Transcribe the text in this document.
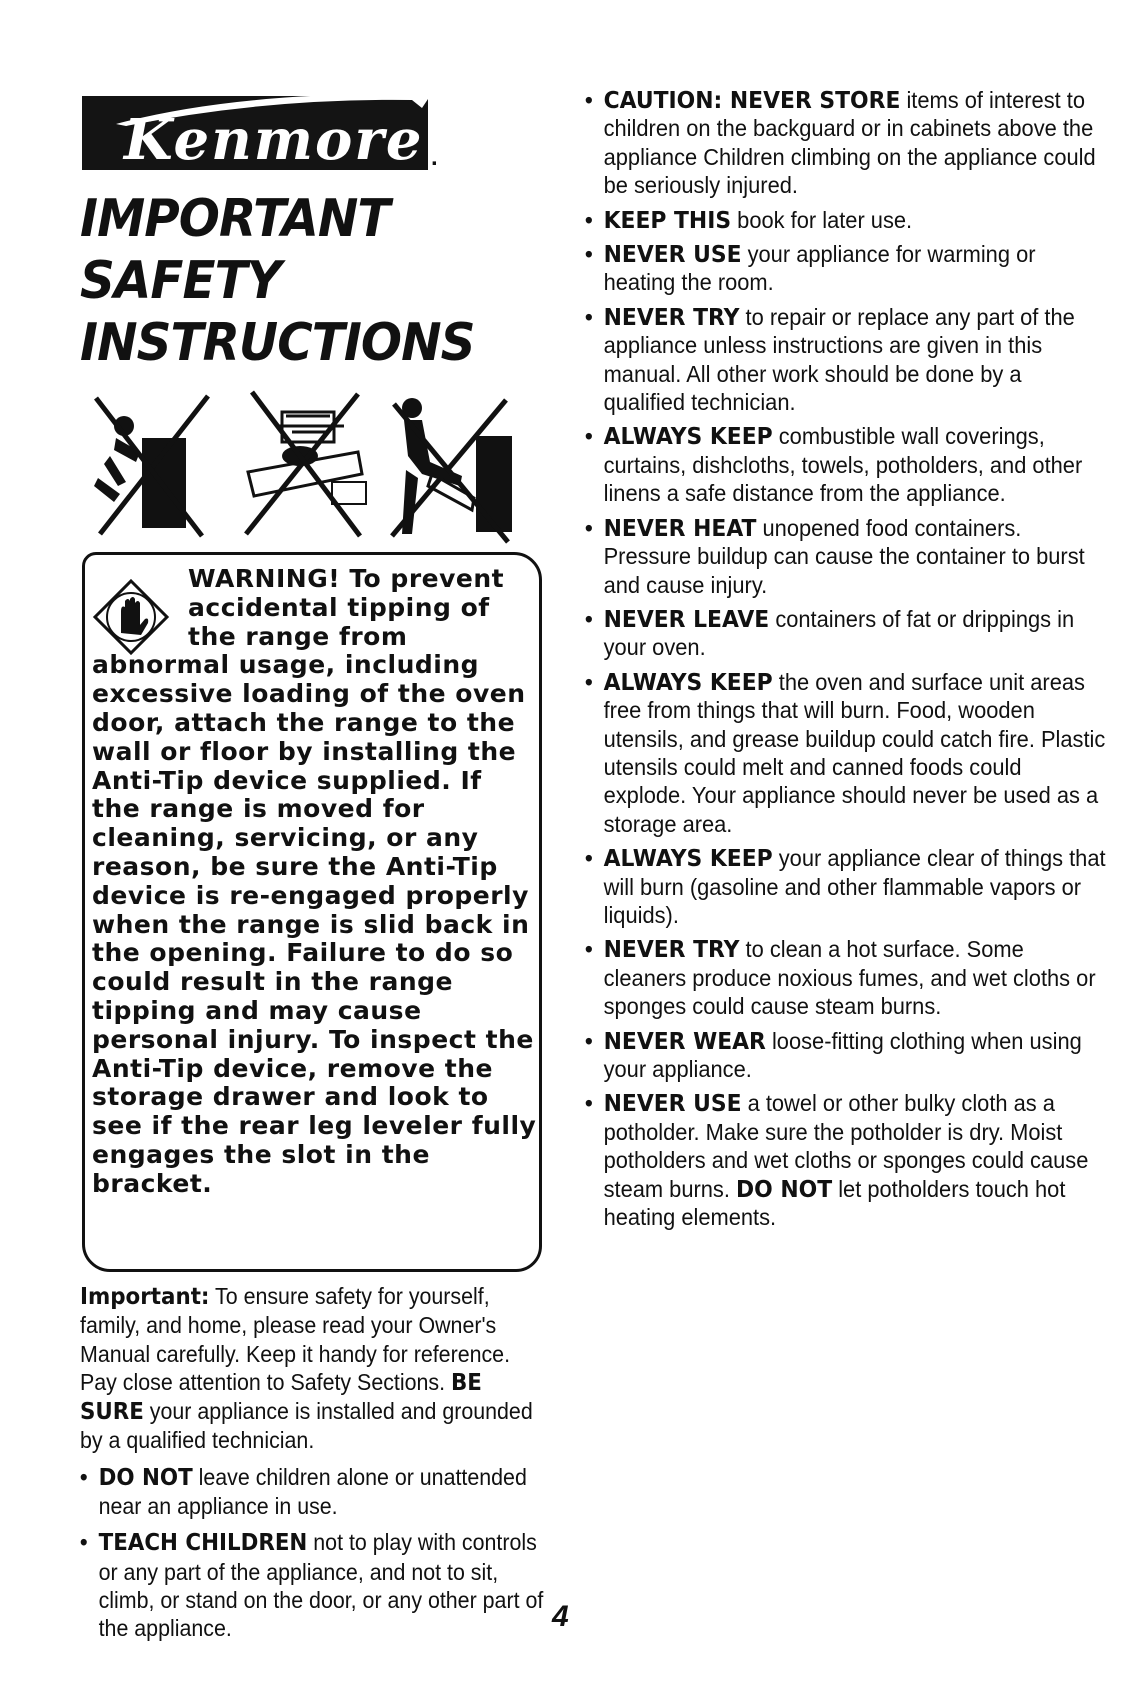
Kenmore .
IMPORTANT SAFETY
INSTRUCTIONS
WARNING! To prevent accidental tipping of the range from abnormal usage, including excessive loading of the oven door, attach the range to the wall or floor by installing the Anti-Tip device supplied. If the range is moved for cleaning, servicing, or any reason, be sure the Anti-Tip device is re-engaged properly when the range is slid back in the opening. Failure to do so could result in the range tipping and may cause personal injury. To inspect the Anti-Tip device, remove the storage drawer and look to see if the rear leg leveler fully engages the slot in the bracket.
Important: To ensure safety for yourself, family, and home, please read your Owner's Manual carefully. Keep it handy for reference. Pay close attention to Safety Sections. BE SURE your appliance is installed and grounded by a qualified technician.
• DO NOT leave children alone or unattended near an appliance in use.
• TEACH CHILDREN not to play with controls or any part of the appliance, and not to sit, climb, or stand on the door, or any other part of the appliance.
• CAUTION: NEVER STORE items of interest to children on the backguard or in cabinets above the appliance Children climbing on the appliance could be seriously injured.
• KEEP THIS book for later use.
• NEVER USE your appliance for warming or heating the room.
• NEVER TRY to repair or replace any part of the appliance unless instructions are given in this manual. All other work should be done by a qualified technician.
• ALWAYS KEEP combustible wall coverings, curtains, dishcloths, towels, potholders, and other linens a safe distance from the appliance.
• NEVER HEAT unopened food containers. Pressure buildup can cause the container to burst and cause injury.
• NEVER LEAVE containers of fat or drippings in your oven.
• ALWAYS KEEP the oven and surface unit areas free from things that will burn. Food, wooden utensils, and grease buildup could catch fire. Plastic utensils could melt and canned foods could explode. Your appliance should never be used as a storage area.
• ALWAYS KEEP your appliance clear of things that will burn (gasoline and other flammable vapors or liquids).
• NEVER TRY to clean a hot surface. Some cleaners produce noxious fumes, and wet cloths or sponges could cause steam burns.
• NEVER WEAR loose-fitting clothing when using your appliance.
• NEVER USE a towel or other bulky cloth as a potholder. Make sure the potholder is dry. Moist potholders and wet cloths or sponges could cause steam burns. DO NOT let potholders touch hot heating elements.
4
